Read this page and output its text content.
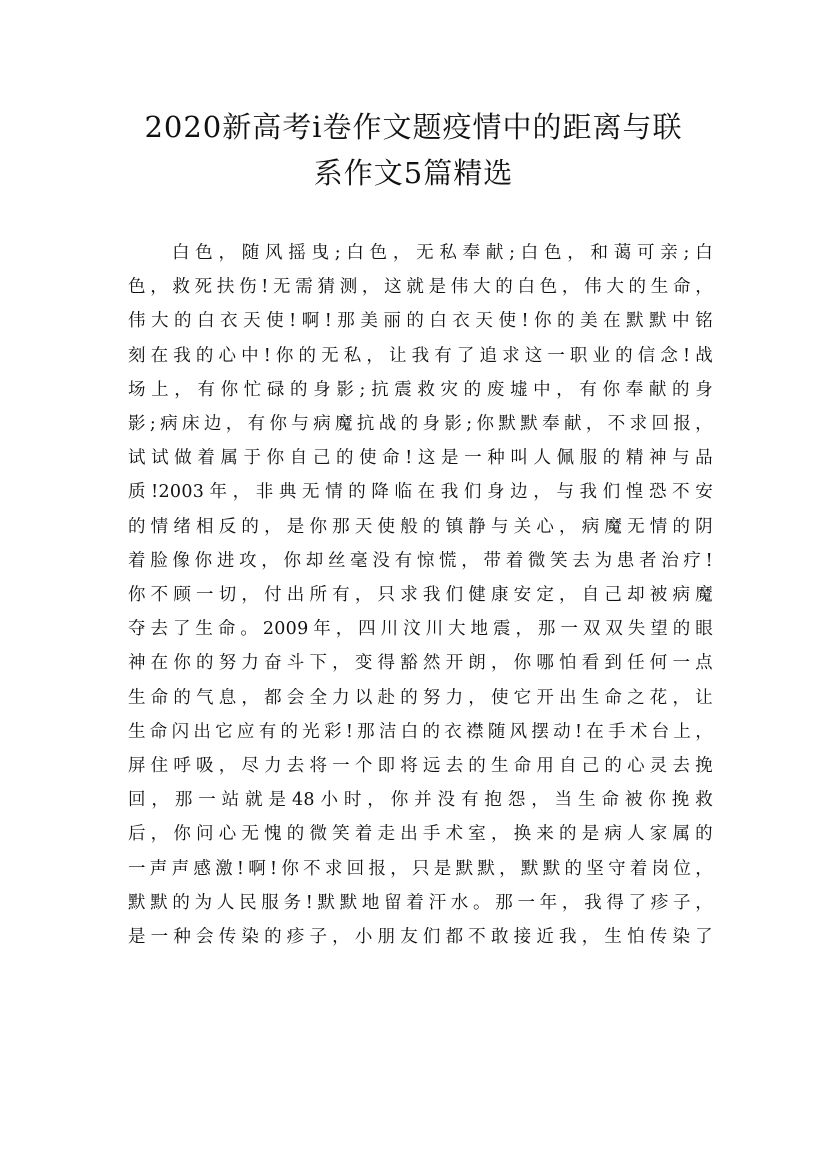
2020新高考i卷作文题疫情中的距离与联
系作文5篇精选
白色，随风摇曳;白色，无私奉献;白色，和蔼可亲;白
色，救死扶伤!无需猜测，这就是伟大的白色，伟大的生命，
伟大的白衣天使!啊!那美丽的白衣天使!你的美在默默中铭
刻在我的心中!你的无私，让我有了追求这一职业的信念!战
场上，有你忙碌的身影;抗震救灾的废墟中，有你奉献的身
影;病床边，有你与病魔抗战的身影;你默默奉献，不求回报，
试试做着属于你自己的使命!这是一种叫人佩服的精神与品
质!2003年，非典无情的降临在我们身边，与我们惶恐不安
的情绪相反的，是你那天使般的镇静与关心，病魔无情的阴
着脸像你进攻，你却丝毫没有惊慌，带着微笑去为患者治疗!
你不顾一切，付出所有，只求我们健康安定，自己却被病魔
夺去了生命。2009年，四川汶川大地震，那一双双失望的眼
神在你的努力奋斗下，变得豁然开朗，你哪怕看到任何一点
生命的气息，都会全力以赴的努力，使它开出生命之花，让
生命闪出它应有的光彩!那洁白的衣襟随风摆动!在手术台上，
屏住呼吸，尽力去将一个即将远去的生命用自己的心灵去挽
回，那一站就是48小时，你并没有抱怨，当生命被你挽救
后，你问心无愧的微笑着走出手术室，换来的是病人家属的
一声声感激!啊!你不求回报，只是默默，默默的坚守着岗位，
默默的为人民服务!默默地留着汗水。那一年，我得了疹子，
是一种会传染的疹子，小朋友们都不敢接近我，生怕传染了
